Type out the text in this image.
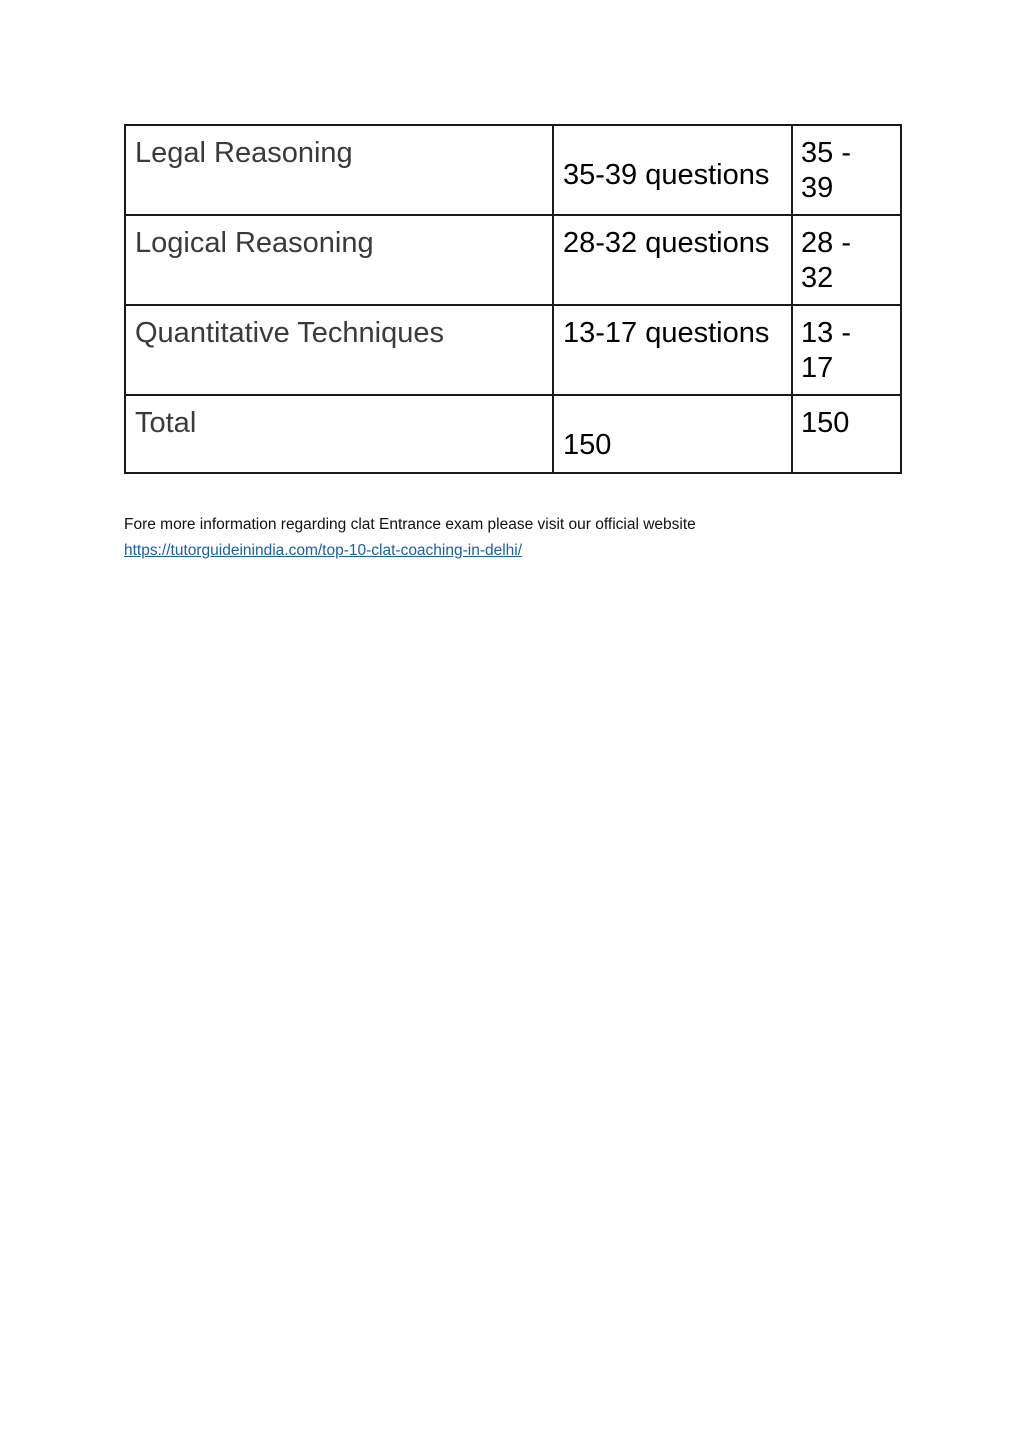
Legal Reasoning	35-39 questions	35 -
39

Logical Reasoning	28-32 questions	28 -
32

Quantitative Techniques	13-17 questions	13 -
17

Total	150	150
Fore more information regarding clat Entrance exam please visit our official website
https://tutorguideinindia.com/top-10-clat-coaching-in-delhi/
